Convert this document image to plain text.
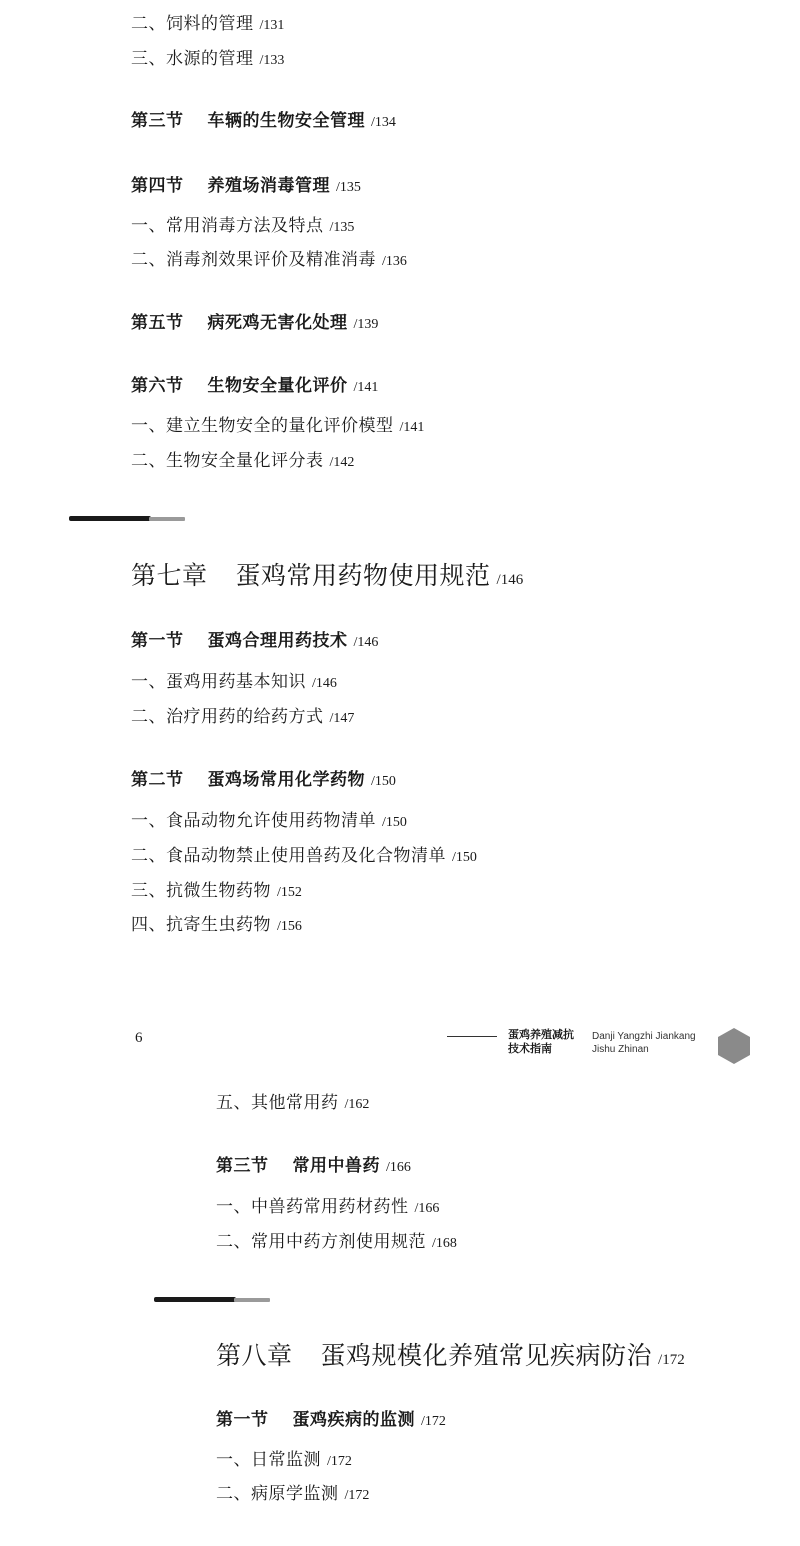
二、饲料的管理 /131
三、水源的管理 /133
第三节 车辆的生物安全管理 /134
第四节 养殖场消毒管理 /135
一、常用消毒方法及特点 /135
二、消毒剂效果评价及精准消毒 /136
第五节 病死鸡无害化处理 /139
第六节 生物安全量化评价 /141
一、建立生物安全的量化评价模型 /141
二、生物安全量化评分表 /142
第七章 蛋鸡常用药物使用规范 /146
第一节 蛋鸡合理用药技术 /146
一、蛋鸡用药基本知识 /146
二、治疗用药的给药方式 /147
第二节 蛋鸡场常用化学药物 /150
一、食品动物允许使用药物清单 /150
二、食品动物禁止使用兽药及化合物清单 /150
三、抗微生物药物 /152
四、抗寄生虫药物 /156
6	蛋鸡养殖减抗
技术指南
Danji Yangzhi Jiankang
Jishu Zhinan
五、其他常用药 /162
第三节 常用中兽药 /166
一、中兽药常用药材药性 /166
二、常用中药方剂使用规范 /168
第八章 蛋鸡规模化养殖常见疾病防治 /172
第一节 蛋鸡疾病的监测 /172
一、日常监测 /172
二、病原学监测 /172
